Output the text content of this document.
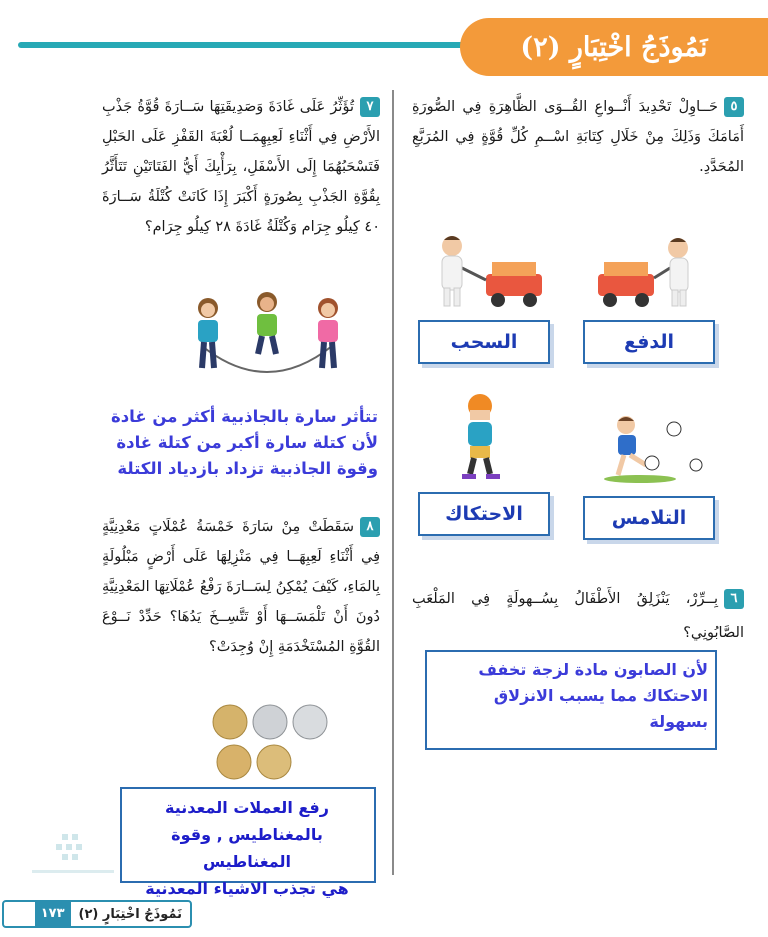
نَمُوذَجُ اخْتِبَارٍ (٢)
٥حَــاوِلْ تَحْدِيدَ أَنْــواعِ القُــوَى الظَّاهِرَةِ فِي الصُّورَةِ أَمَامَكَ وَذَلِكَ مِنْ خَلَالِ كِتَابَةِ اسْــمِ كُلِّ قُوَّةٍ فِي المُرَبَّعِ المُحَدَّدِ.
الدفع
السحب
التلامس
الاحتكاك
٦بِــرِّرْ، يَنْزَلِقُ الأَطْفَالُ بِسُــهولَةٍ فِي المَلْعَبِ الصَّابُونِي؟
لأن الصابون مادة لزجة تخفف
الاحتكاك مما يسبب الانزلاق بسهولة
٧تُؤَثِّرُ عَلَى غَادَةَ وَصَدِيقَتِهَا سَــارَةَ قُوَّةُ جَذْبِ الأَرْضِ فِي أَثْنَاءِ لَعِبِهِمَــا لُعْبَةَ القَفْزِ عَلَى الحَبْلِ فَتَسْحَبُهُمَا إِلَى الأَسْفَلِ، بِرَأْيِكَ أَيُّ الفَتَاتَيْنِ تَتَأَثَّرُ بِقُوَّةِ الجَذْبِ بِصُورَةٍ أَكْبَرَ إِذَا كَانَتْ كُتْلَةُ سَــارَةَ ٤٠ كِيلُو جِرَام وَكُتْلَةُ غَادَةَ ٢٨ كِيلُو جِرَام؟
تتأثر سارة بالجاذبية أكثر من غادة
لأن كتلة سارة أكبر من كتلة غادة
وقوة الجاذبية تزداد بازدياد الكتلة
٨سَقَطَتْ مِنْ سَارَةَ خَمْسَةُ عُمْلَاتٍ مَعْدِنِيَّةٍ فِي أَثْنَاءِ لَعِبِهَــا فِي مَنْزِلِهَا عَلَى أَرْضٍ مَبْلُولَةٍ بِالمَاءِ، كَيْفَ يُمْكِنُ لِسَــارَةَ رَفْعُ عُمْلَاتِهَا المَعْدِنِيَّةِ دُونَ أَنْ تَلْمَسَــهَا أَوْ تَتَّسِــخَ يَدُهَا؟ حَدِّدْ نَــوْعَ القُوَّةِ المُسْتَخْدَمَةِ إِنْ وُجِدَتْ؟
رفع العملات المعدنية
بالمغناطيس , وقوة المغناطيس
هي تجذب الاشياء المعدنية
نَمُوذَجُ اخْتِبَارٍ (٢)
١٧٣
